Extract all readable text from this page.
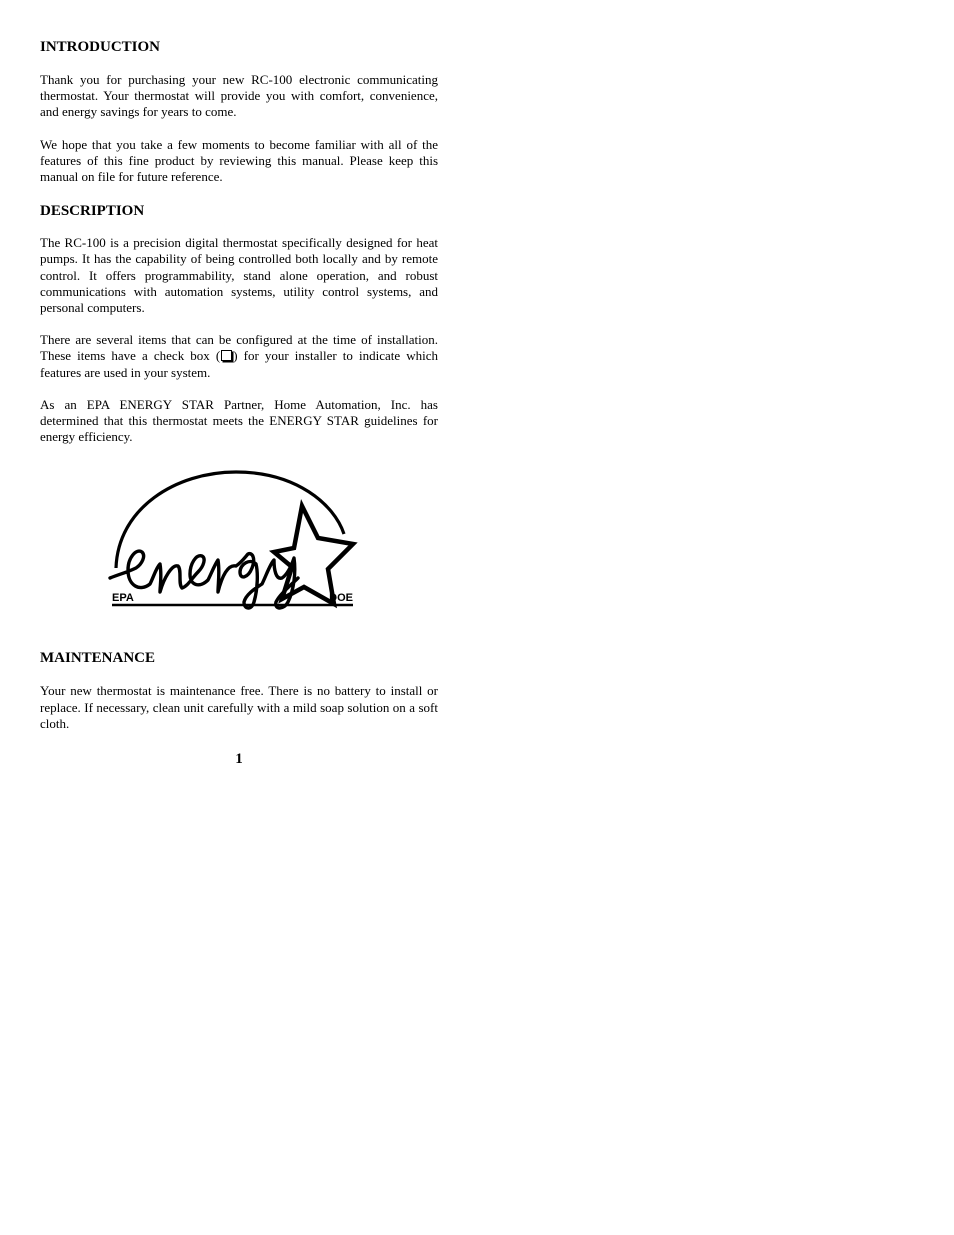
INTRODUCTION

Thank you for purchasing your new RC-100 electronic communicating thermostat. Your thermostat will provide you with comfort, convenience, and energy savings for years to come.

We hope that you take a few moments to become familiar with all of the features of this fine product by reviewing this manual. Please keep this manual on file for future reference.

DESCRIPTION

The RC-100 is a precision digital thermostat specifically designed for heat pumps. It has the capability of being controlled both locally and by remote control. It offers programmability, stand alone operation, and robust communications with automation systems, utility control systems, and personal computers.

There are several items that can be configured at the time of installation. These items have a check box ( ) for your installer to indicate which features are used in your system.

As an EPA ENERGY STAR Partner, Home Automation, Inc. has determined that this thermostat meets the ENERGY STAR guidelines for energy efficiency.

EPA	DOE
MAINTENANCE

Your new thermostat is maintenance free. There is no battery to install or replace. If necessary, clean unit carefully with a mild soap solution on a soft cloth.

1
